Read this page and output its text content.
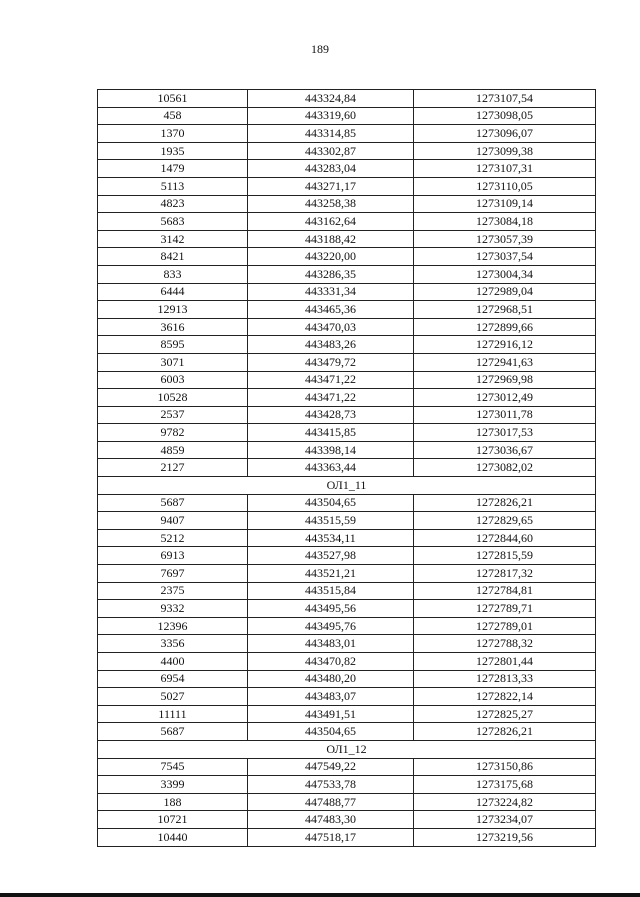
189
10561	443324,84	1273107,54
458	443319,60	1273098,05
1370	443314,85	1273096,07
1935	443302,87	1273099,38
1479	443283,04	1273107,31
5113	443271,17	1273110,05
4823	443258,38	1273109,14
5683	443162,64	1273084,18
3142	443188,42	1273057,39
8421	443220,00	1273037,54
833	443286,35	1273004,34
6444	443331,34	1272989,04
12913	443465,36	1272968,51
3616	443470,03	1272899,66
8595	443483,26	1272916,12
3071	443479,72	1272941,63
6003	443471,22	1272969,98
10528	443471,22	1273012,49
2537	443428,73	1273011,78
9782	443415,85	1273017,53
4859	443398,14	1273036,67
2127	443363,44	1273082,02
ОЛ1_11		
5687	443504,65	1272826,21
9407	443515,59	1272829,65
5212	443534,11	1272844,60
6913	443527,98	1272815,59
7697	443521,21	1272817,32
2375	443515,84	1272784,81
9332	443495,56	1272789,71
12396	443495,76	1272789,01
3356	443483,01	1272788,32
4400	443470,82	1272801,44
6954	443480,20	1272813,33
5027	443483,07	1272822,14
11111	443491,51	1272825,27
5687	443504,65	1272826,21
ОЛ1_12		
7545	447549,22	1273150,86
3399	447533,78	1273175,68
188	447488,77	1273224,82
10721	447483,30	1273234,07
10440	447518,17	1273219,56
